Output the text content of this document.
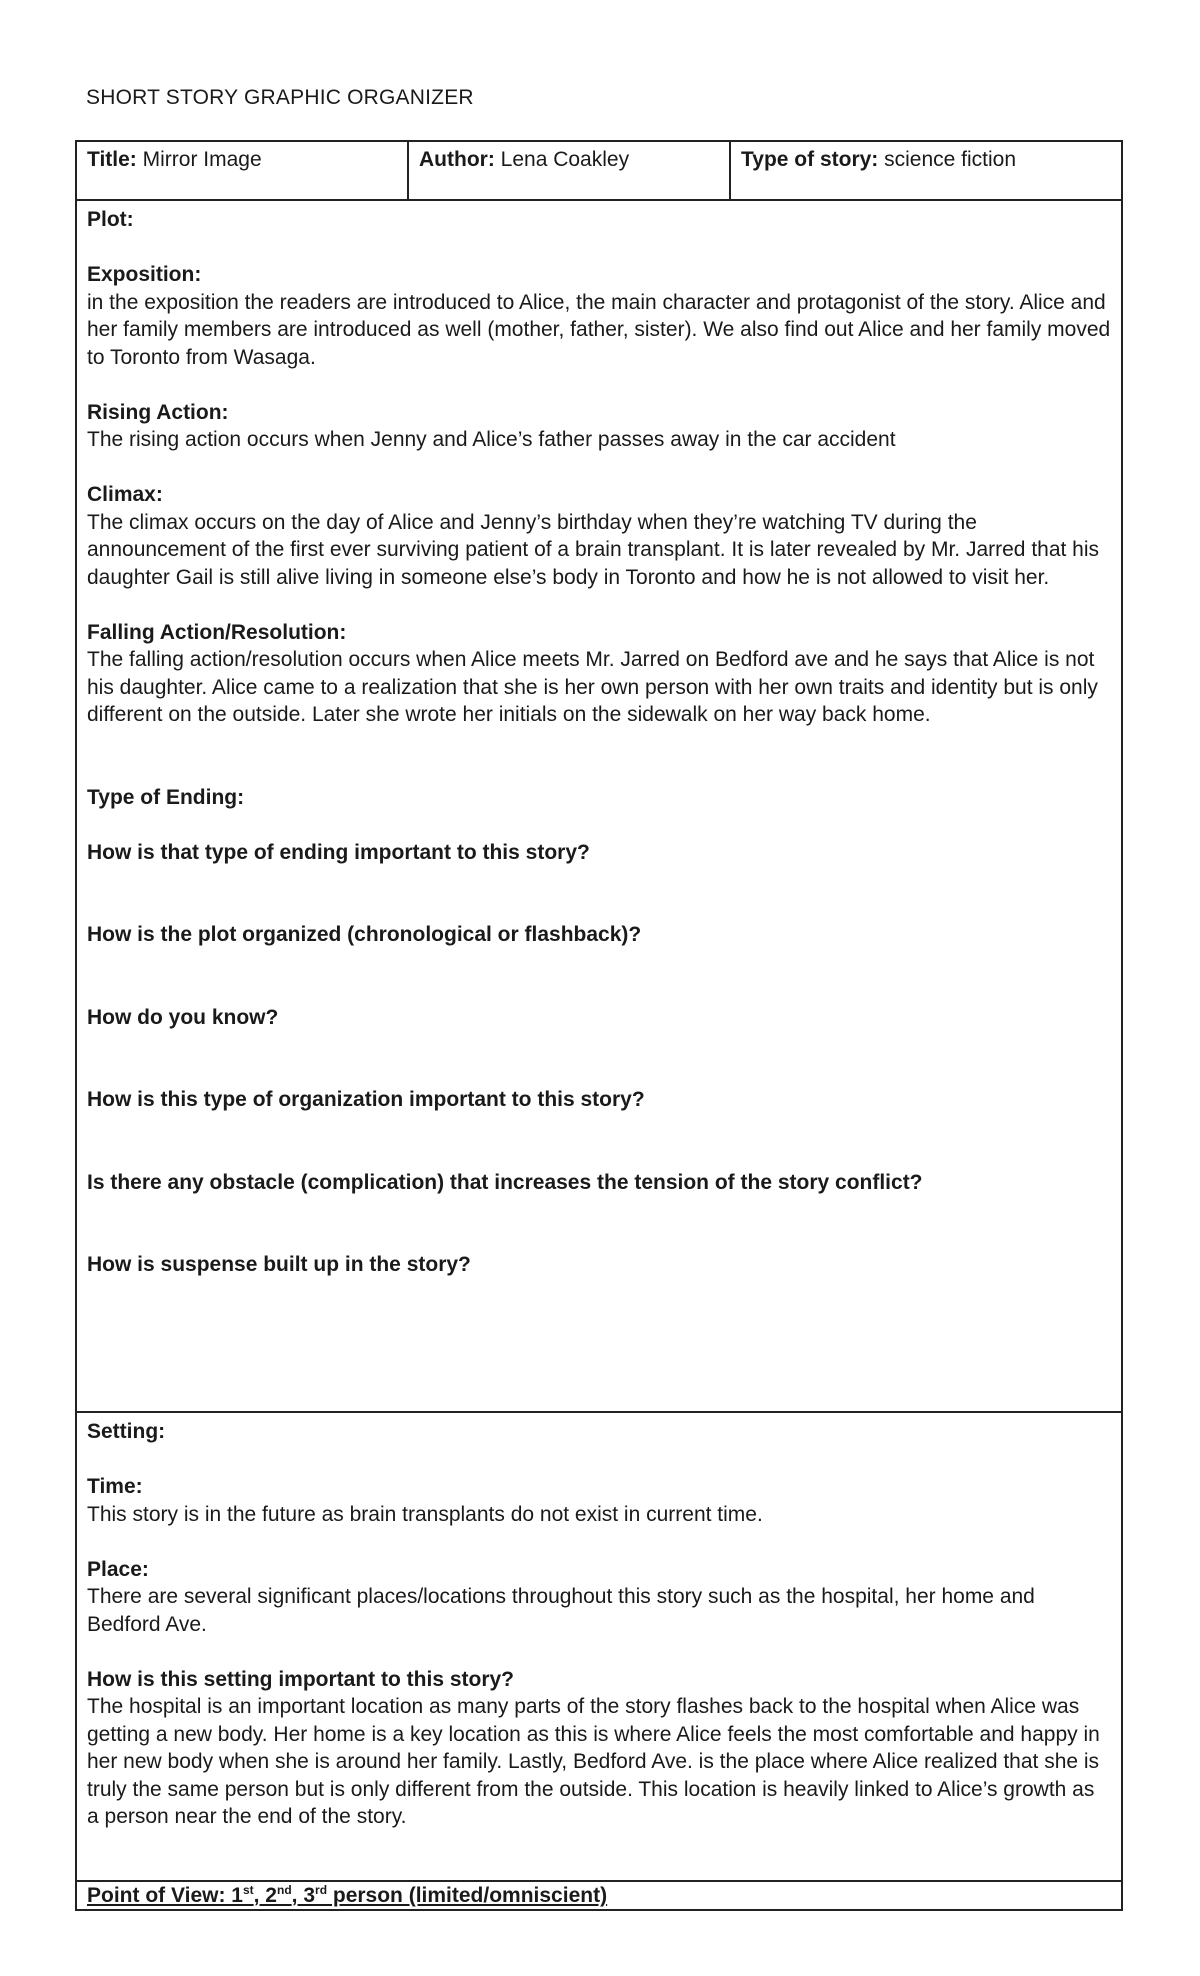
SHORT STORY GRAPHIC ORGANIZER
Title: Mirror Image	Author: Lena Coakley	Type of story: science fiction
Plot:
Exposition:
in the exposition the readers are introduced to Alice, the main character and protagonist of the story. Alice and her family members are introduced as well (mother, father, sister). We also find out Alice and her family moved to Toronto from Wasaga.
Rising Action:
The rising action occurs when Jenny and Alice’s father passes away in the car accident
Climax:
The climax occurs on the day of Alice and Jenny’s birthday when they’re watching TV during the announcement of the first ever surviving patient of a brain transplant. It is later revealed by Mr. Jarred that his daughter Gail is still alive living in someone else’s body in Toronto and how he is not allowed to visit her.
Falling Action/Resolution:
The falling action/resolution occurs when Alice meets Mr. Jarred on Bedford ave and he says that Alice is not his daughter. Alice came to a realization that she is her own person with her own traits and identity but is only different on the outside. Later she wrote her initials on the sidewalk on her way back home.
Type of Ending:
How is that type of ending important to this story?
How is the plot organized (chronological or flashback)?
How do you know?
How is this type of organization important to this story?
Is there any obstacle (complication) that increases the tension of the story conflict?
How is suspense built up in the story?
Setting:
Time:
This story is in the future as brain transplants do not exist in current time.
Place:
There are several significant places/locations throughout this story such as the hospital, her home and Bedford Ave.
How is this setting important to this story?
The hospital is an important location as many parts of the story flashes back to the hospital when Alice was getting a new body. Her home is a key location as this is where Alice feels the most comfortable and happy in her new body when she is around her family. Lastly, Bedford Ave. is the place where Alice realized that she is truly the same person but is only different from the outside. This location is heavily linked to Alice’s growth as a person near the end of the story.
Point of View: 1st, 2nd, 3rd person (limited/omniscient)
